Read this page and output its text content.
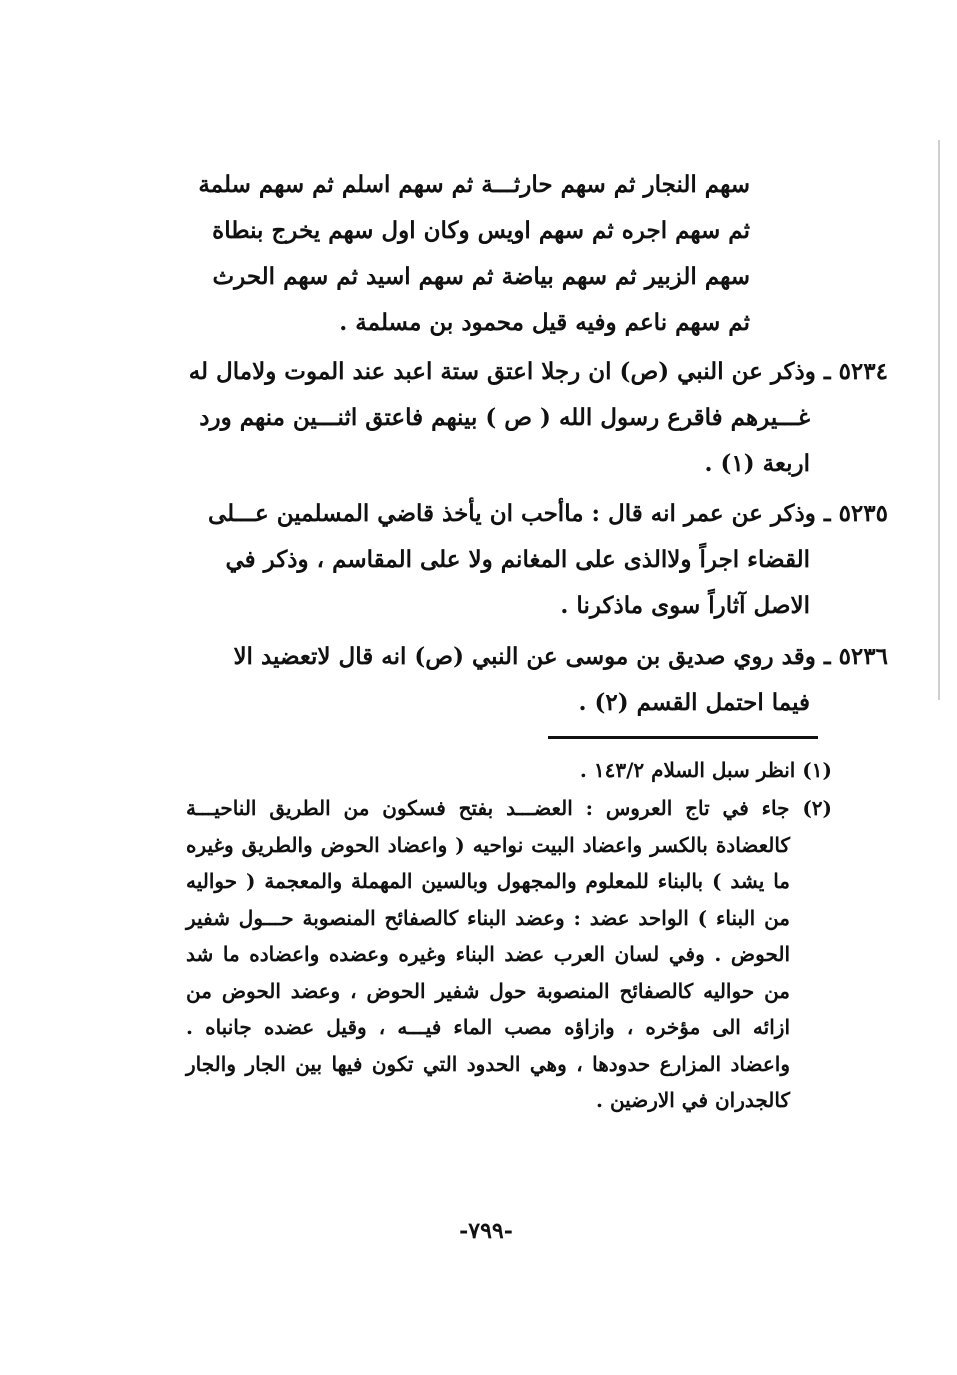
سهم النجار ثم سهم حارثـــة ثم سهم اسلم ثم سهم سلمة ثم سهم اجره ثم سهم اويس وكان اول سهم يخرج بنطاة سهم الزبير ثم سهم بياضة ثم سهم اسيد ثم سهم الحرث ثم سهم ناعم وفيه قيل محمود بن مسلمة .
٥٢٣٤ ـ وذكر عن النبي (ص) ان رجلا اعتق ستة اعبد عند الموت ولامال له غـــيرهم فاقرع رسول الله ( ص ) بينهم فاعتق اثنـــين منهم ورد اربعة (١) .
٥٢٣٥ ـ وذكر عن عمر انه قال : ماأحب ان يأخذ قاضي المسلمين عـــلى القضاء اجراً ولاالذى على المغانم ولا على المقاسم ، وذكر في الاصل آثاراً سوى ماذكرنا .
٥٢٣٦ ـ وقد روي صديق بن موسى عن النبي (ص) انه قال لاتعضيد الا فيما احتمل القسم (٢) .
(١) انظر سبل السلام ١٤٣/٢ .
(٢) جاء في تاج العروس : العضـــد بفتح فسكون من الطريق الناحيـــة كالعضادة بالكسر واعضاد البيت نواحيه ( واعضاد الحوض والطريق وغيره ما يشد ) بالبناء للمعلوم والمجهول وبالسين المهملة والمعجمة ( حواليه من البناء ) الواحد عضد : وعضد البناء كالصفائح المنصوبة حـــول شفير الحوض . وفي لسان العرب عضد البناء وغيره وعضده واعضاده ما شد من حواليه كالصفائح المنصوبة حول شفير الحوض ، وعضد الحوض من ازائه الى مؤخره ، وازاؤه مصب الماء فيـــه ، وقيل عضده جانباه . واعضاد المزارع حدودها ، وهي الحدود التي تكون فيها بين الجار والجار كالجدران في الارضين .
-٧٩٩-
